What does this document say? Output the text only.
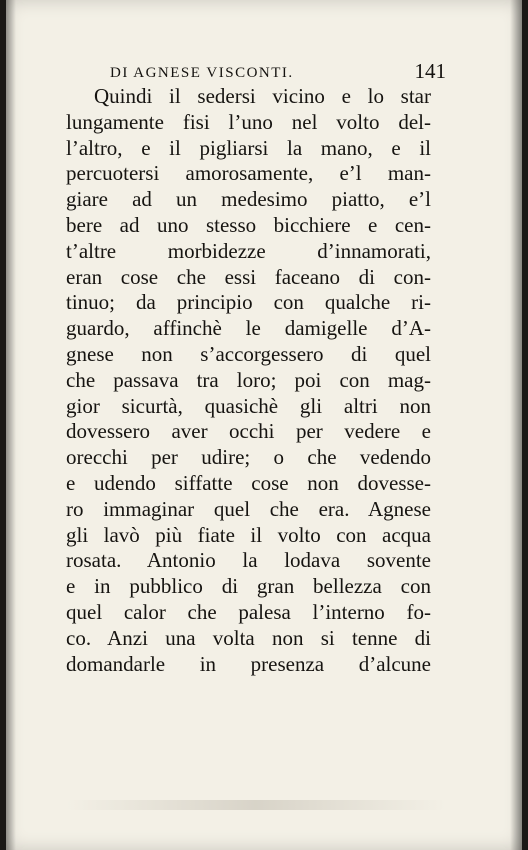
DI AGNESE VISCONTI.	141
Quindi il sedersi vicino e lo star
lungamente fisi l’uno nel volto del-
l’altro, e il pigliarsi la mano, e il
percuotersi amorosamente, e’l man-
giare ad un medesimo piatto, e’l
bere ad uno stesso bicchiere e cen-
t’altre morbidezze d’innamorati,
eran cose che essi faceano di con-
tinuo; da principio con qualche ri-
guardo, affinchè le damigelle d’A-
gnese non s’accorgessero di quel
che passava tra loro; poi con mag-
gior sicurtà, quasichè gli altri non
dovessero aver occhi per vedere e
orecchi per udire; o che vedendo
e udendo siffatte cose non dovesse-
ro immaginar quel che era. Agnese
gli lavò più fiate il volto con acqua
rosata. Antonio la lodava sovente
e in pubblico di gran bellezza con
quel calor che palesa l’interno fo-
co. Anzi una volta non si tenne di
domandarle in presenza d’alcune
